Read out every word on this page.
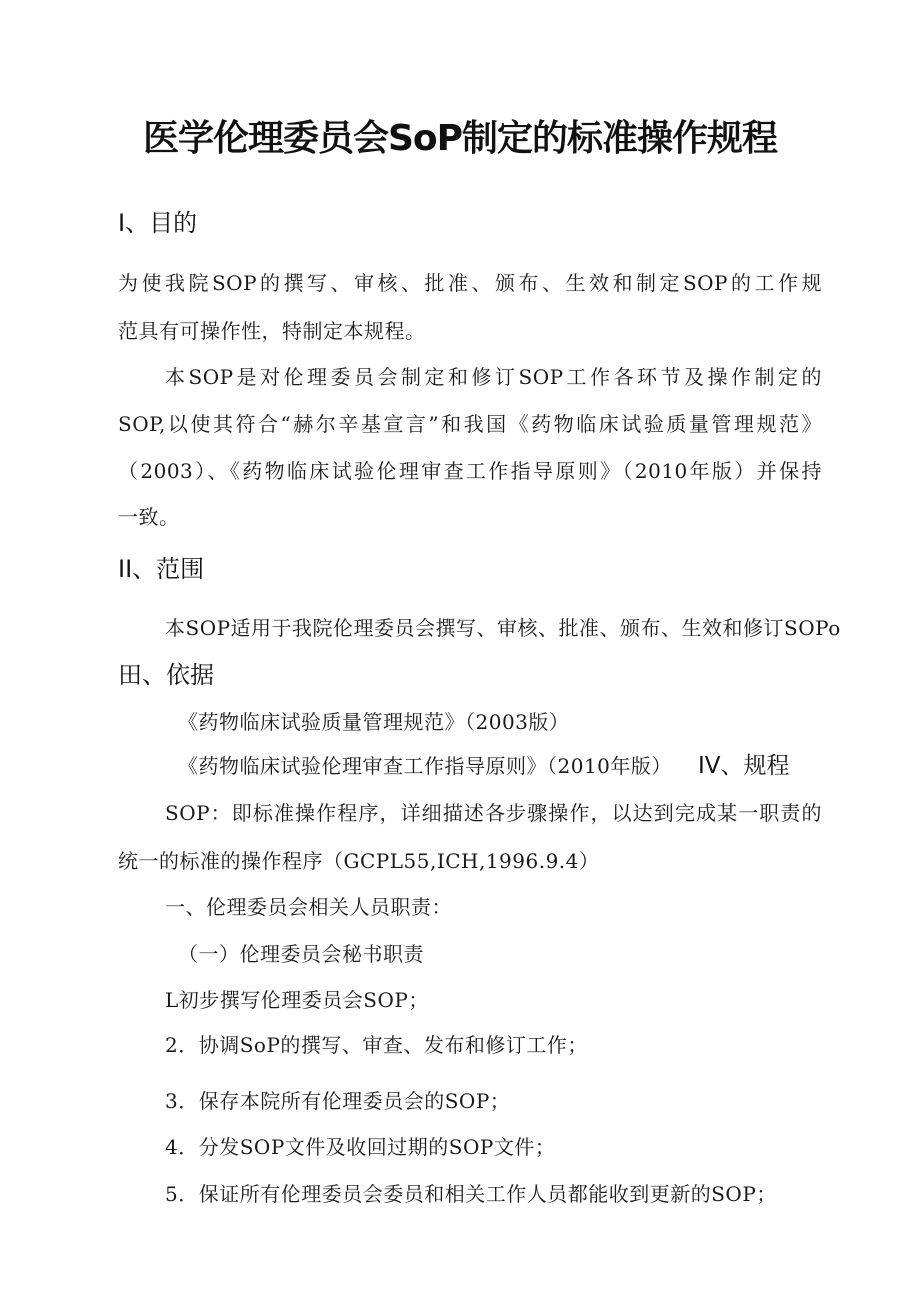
医学伦理委员会SoP制定的标准操作规程
I、目的
为使我院SOP的撰写、审核、批准、颁布、生效和制定SOP的工作规
范具有可操作性，特制定本规程。
本SOP是对伦理委员会制定和修订SOP工作各环节及操作制定的
SOP,以使其符合“赫尔辛基宣言”和我国《药物临床试验质量管理规范》
（2003）、《药物临床试验伦理审查工作指导原则》（2010年版）并保持
一致。
II、范围
本SOP适用于我院伦理委员会撰写、审核、批准、颁布、生效和修订SOPo
田、依据
《药物临床试验质量管理规范》（2003版）
《药物临床试验伦理审查工作指导原则》（2010年版） IV、规程
SOP：即标准操作程序，详细描述各步骤操作，以达到完成某一职责的
统一的标准的操作程序（GCPL55,ICH,1996.9.4）
一、伦理委员会相关人员职责：
（一）伦理委员会秘书职责
L初步撰写伦理委员会SOP；
2．协调SoP的撰写、审查、发布和修订工作；
3．保存本院所有伦理委员会的SOP；
4．分发SOP文件及收回过期的SOP文件；
5．保证所有伦理委员会委员和相关工作人员都能收到更新的SOP；
